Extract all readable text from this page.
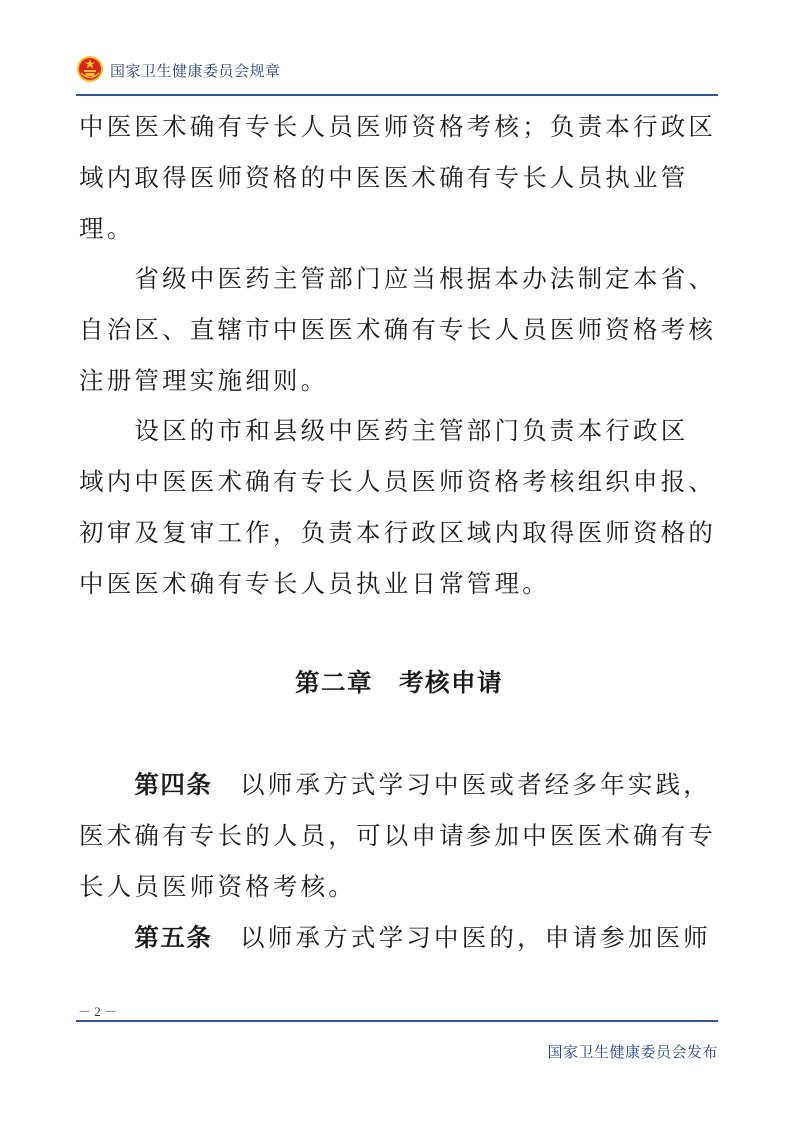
国家卫生健康委员会规章
中医医术确有专长人员医师资格考核；负责本行政区
域内取得医师资格的中医医术确有专长人员执业管
理。
　　省级中医药主管部门应当根据本办法制定本省、
自治区、直辖市中医医术确有专长人员医师资格考核
注册管理实施细则。
　　设区的市和县级中医药主管部门负责本行政区
域内中医医术确有专长人员医师资格考核组织申报、
初审及复审工作，负责本行政区域内取得医师资格的
中医医术确有专长人员执业日常管理。
第二章　考核申请
　　第四条　以师承方式学习中医或者经多年实践，
医术确有专长的人员，可以申请参加中医医术确有专
长人员医师资格考核。
　　第五条　以师承方式学习中医的，申请参加医师
－ 2 －
国家卫生健康委员会发布
